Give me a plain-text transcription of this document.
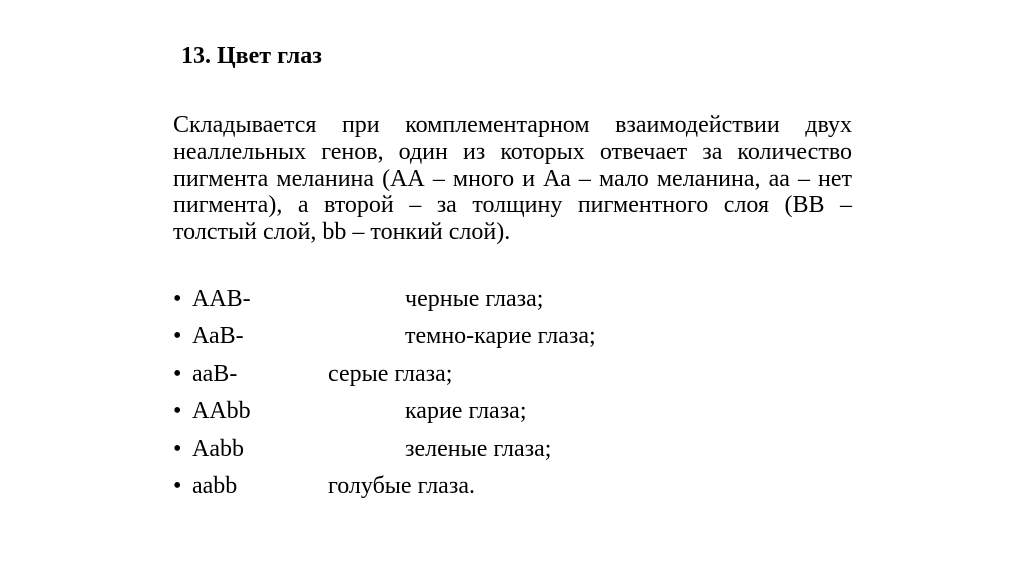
13. Цвет глаз
Складывается при комплементарном взаимодействии двух неаллельных генов, один из которых отвечает за количество пигмента меланина (АА – много и Аа – мало меланина, аа – нет пигмента), а второй – за толщину пигментного слоя (ВВ – толстый слой, bb – тонкий слой).
• ААВ-	черные глаза;
• АаВ-	темно-карие глаза;
• ааВ-	серые глаза;
• ААbb	карие глаза;
• Aabb	зеленые глаза;
• aabb	голубые глаза.
